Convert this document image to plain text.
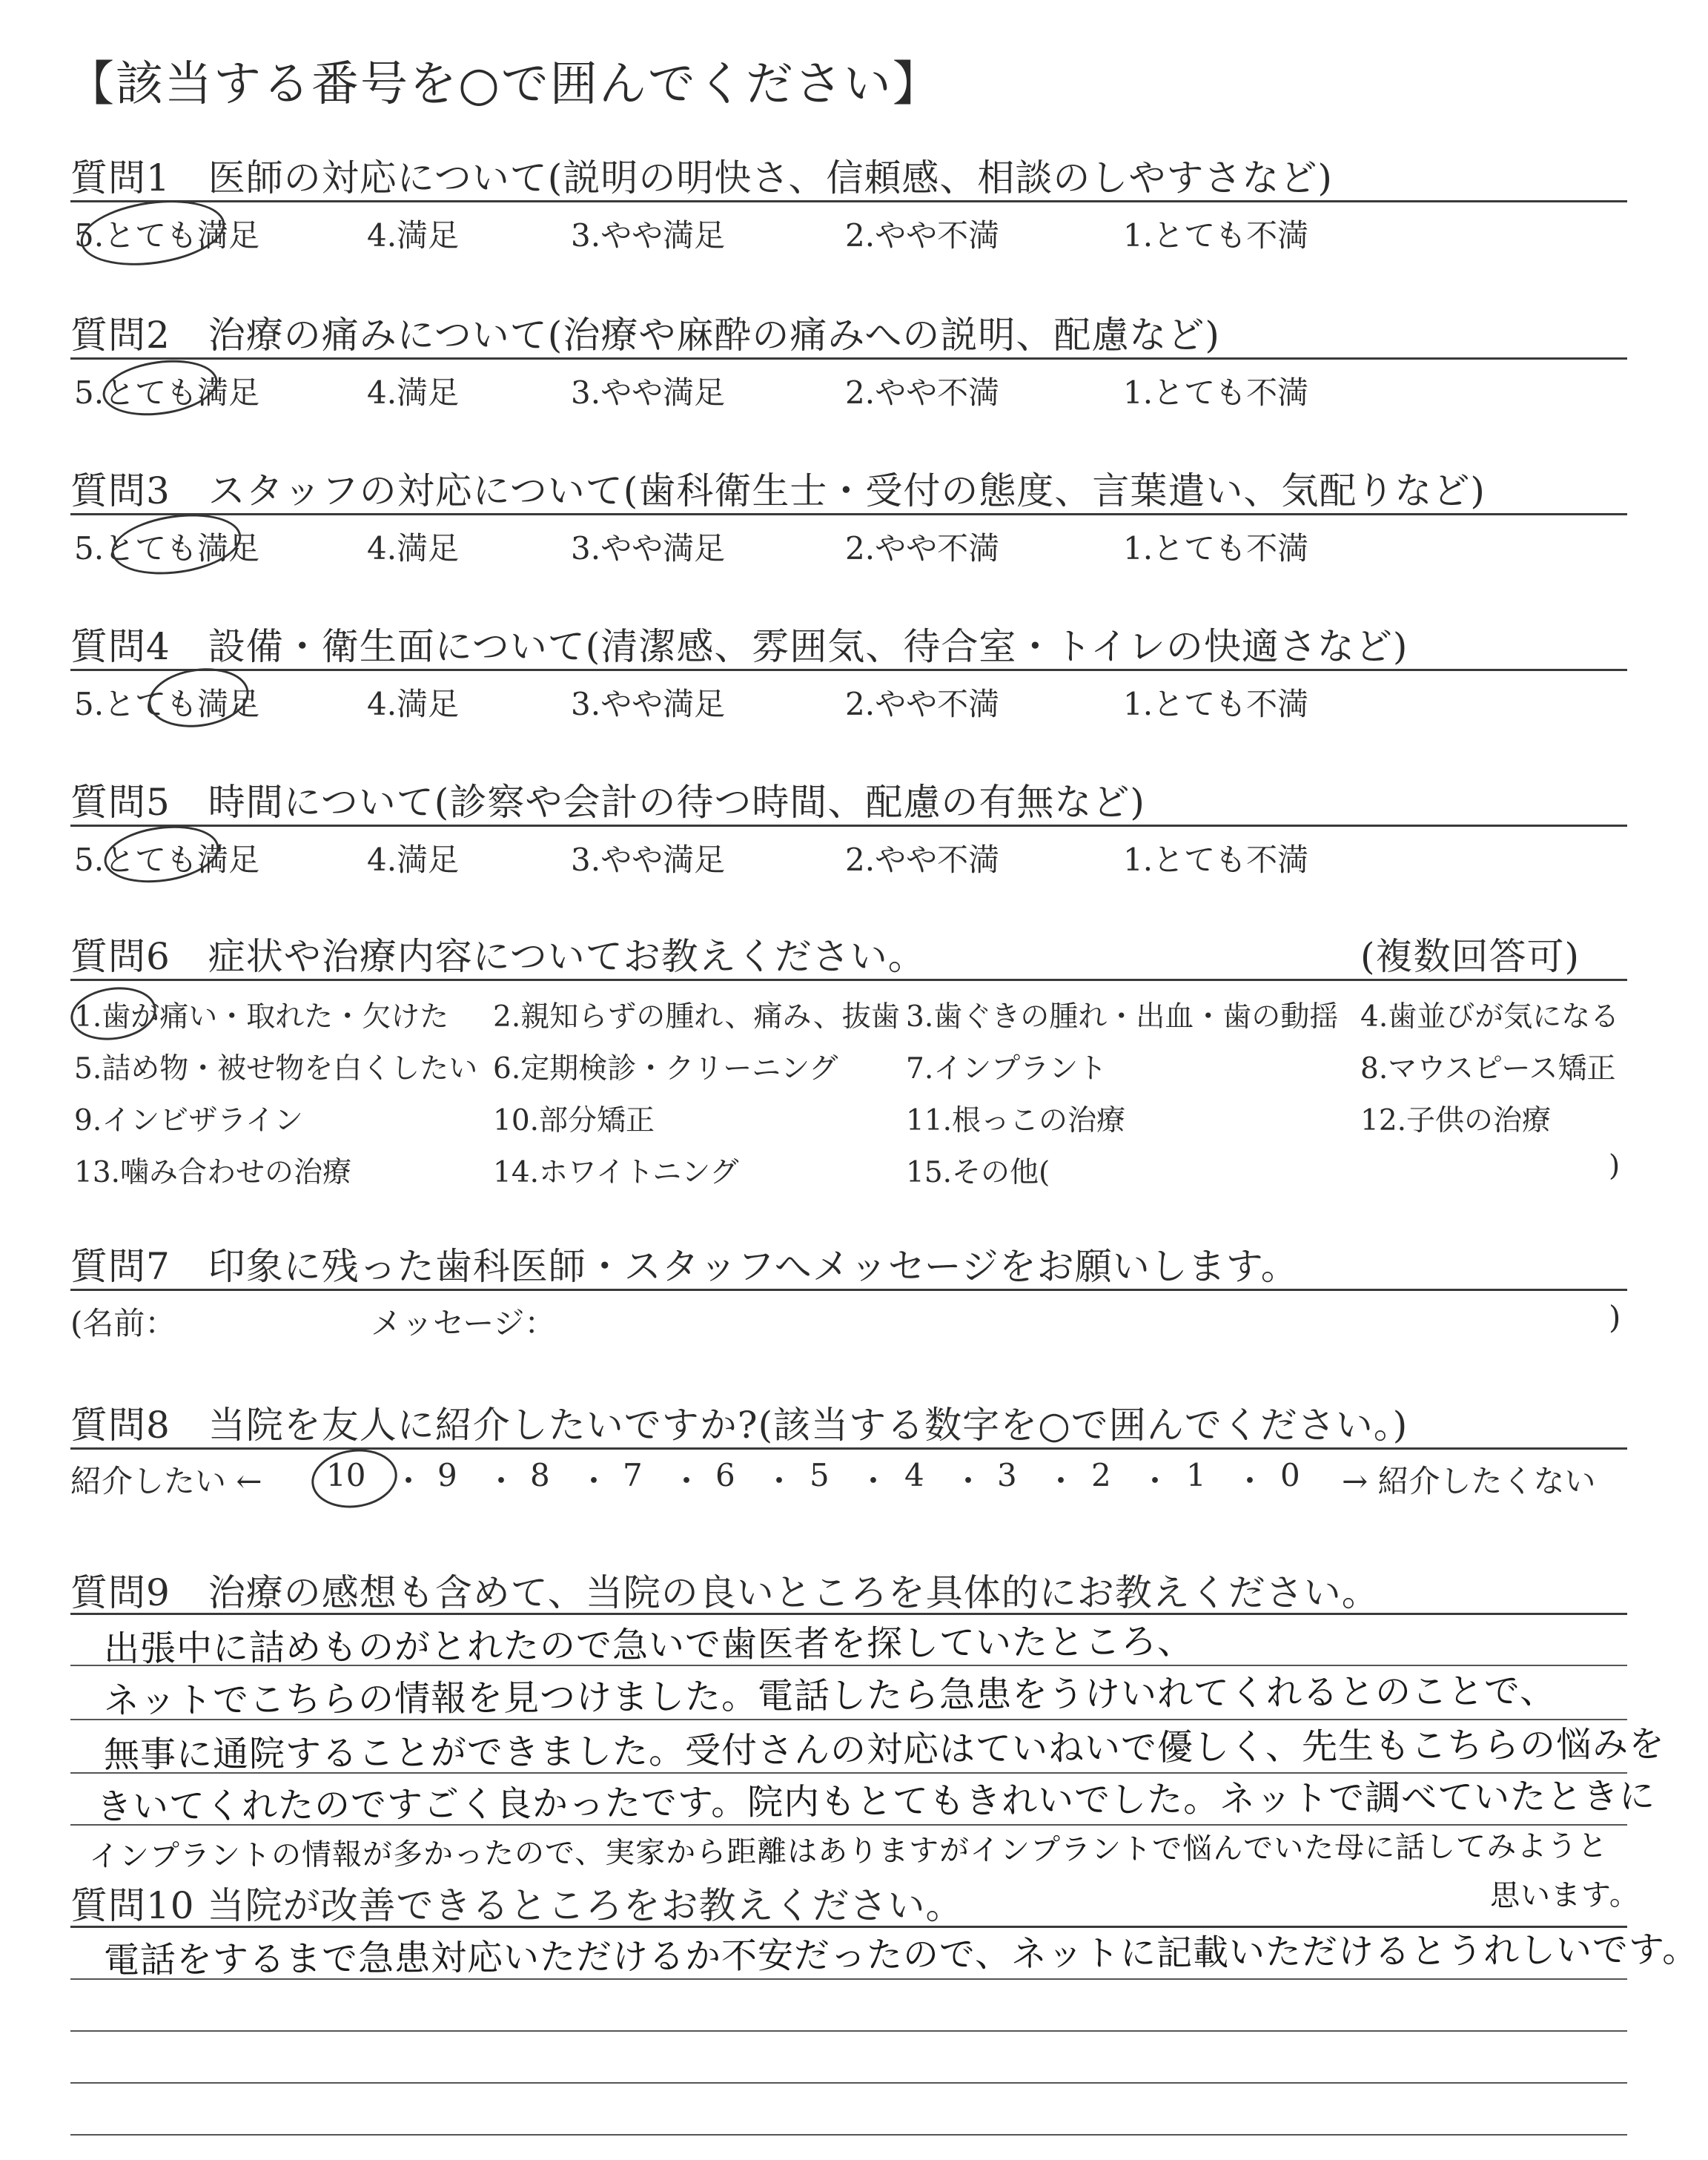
【該当する番号を○で囲んでください】
質問1　医師の対応について(説明の明快さ、信頼感、相談のしやすさなど)
5.とても満足	4.満足	3.やや満足	2.やや不満	1.とても不満
質問2　治療の痛みについて(治療や麻酔の痛みへの説明、配慮など)
5.とても満足	4.満足	3.やや満足	2.やや不満	1.とても不満
質問3　スタッフの対応について(歯科衛生士・受付の態度、言葉遣い、気配りなど)
5.とても満足	4.満足	3.やや満足	2.やや不満	1.とても不満
質問4　設備・衛生面について(清潔感、雰囲気、待合室・トイレの快適さなど)
5.とても満足	4.満足	3.やや満足	2.やや不満	1.とても不満
質問5　時間について(診察や会計の待つ時間、配慮の有無など)
5.とても満足	4.満足	3.やや満足	2.やや不満	1.とても不満
質問6　症状や治療内容についてお教えください。	(複数回答可)
1.歯が痛い・取れた・欠けた 2.親知らずの腫れ、痛み、抜歯 3.歯ぐきの腫れ・出血・歯の動揺 4.歯並びが気になる
5.詰め物・被せ物を白くしたい 6.定期検診・クリーニング 7.インプラント	8.マウスピース矯正
9.インビザライン	10.部分矯正	11.根っこの治療	12.子供の治療
13.噛み合わせの治療	14.ホワイトニング	15.その他(	)
質問7　印象に残った歯科医師・スタッフへメッセージをお願いします。
(名前：	メッセージ：	)
質問8　当院を友人に紹介したいですか?(該当する数字を○で囲んでください。)
紹介したい ← 10 ・ 9 ・ 8 ・ 7 ・ 6 ・ 5 ・ 4 ・ 3 ・ 2 ・ 1 ・ 0 → 紹介したくない
質問9　治療の感想も含めて、当院の良いところを具体的にお教えください。
出張中に詰めものがとれたので急いで歯医者を探していたところ、
ネットでこちらの情報を見つけました。電話したら急患をうけいれてくれるとのことで、
無事に通院することができました。受付さんの対応はていねいで優しく、先生もこちらの悩みを
きいてくれたのですごく良かったです。院内もとてもきれいでした。ネットで調べていたときに
インプラントの情報が多かったので、実家から距離はありますがインプラントで悩んでいた母に話してみようと
思います。
質問10 当院が改善できるところをお教えください。
電話をするまで急患対応いただけるか不安だったので、ネットに記載いただけるとうれしいです。
